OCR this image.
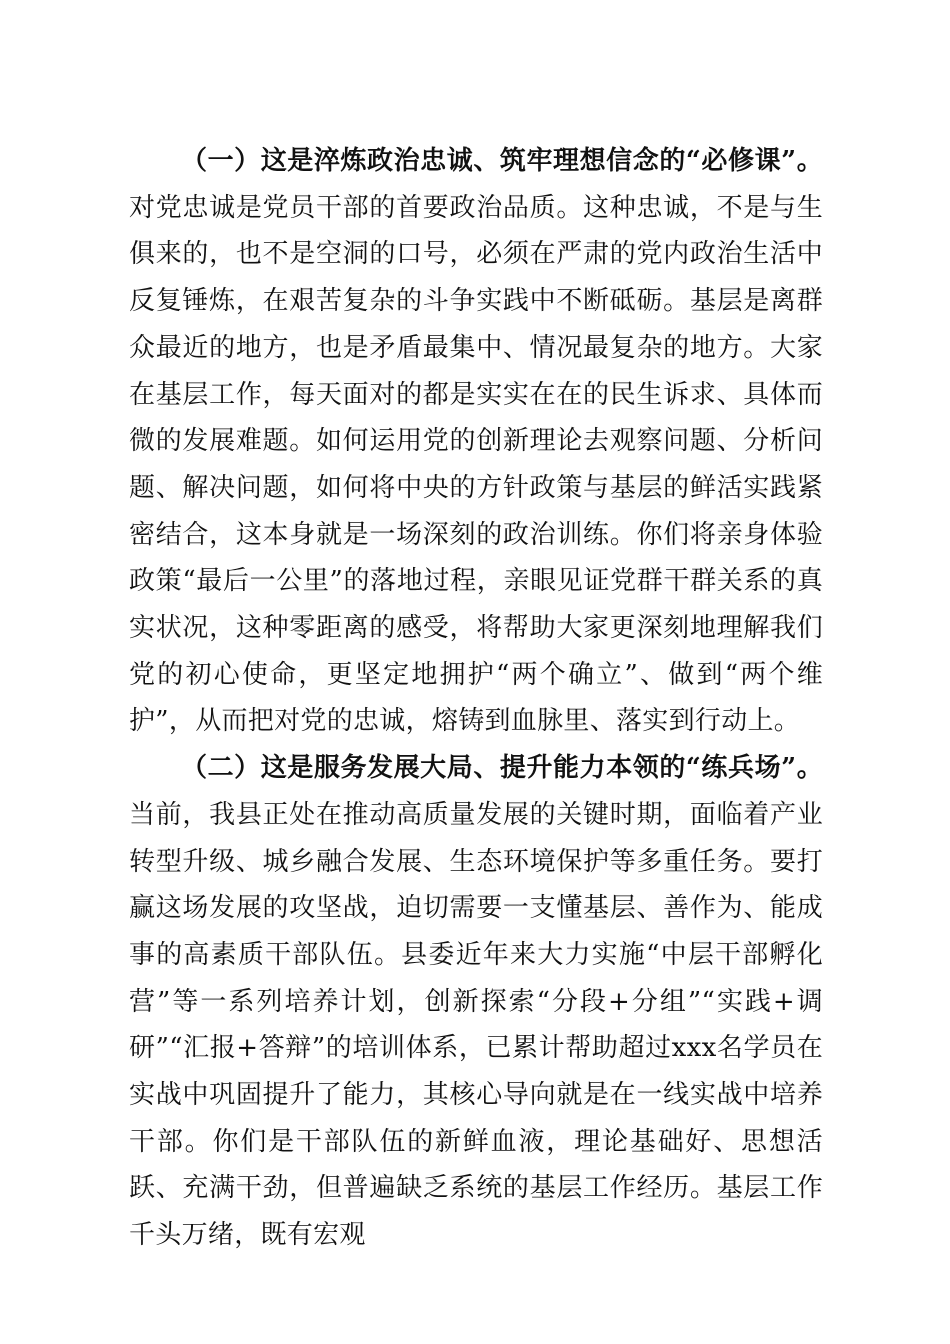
（一）这是淬炼政治忠诚、筑牢理想信念的“必修课”。对党忠诚是党员干部的首要政治品质。这种忠诚，不是与生俱来的，也不是空洞的口号，必须在严肃的党内政治生活中反复锤炼，在艰苦复杂的斗争实践中不断砥砺。基层是离群众最近的地方，也是矛盾最集中、情况最复杂的地方。大家在基层工作，每天面对的都是实实在在的民生诉求、具体而微的发展难题。如何运用党的创新理论去观察问题、分析问题、解决问题，如何将中央的方针政策与基层的鲜活实践紧密结合，这本身就是一场深刻的政治训练。你们将亲身体验政策“最后一公里”的落地过程，亲眼见证党群干群关系的真实状况，这种零距离的感受，将帮助大家更深刻地理解我们党的初心使命，更坚定地拥护“两个确立”、做到“两个维护”，从而把对党的忠诚，熔铸到血脉里、落实到行动上。

（二）这是服务发展大局、提升能力本领的“练兵场”。当前，我县正处在推动高质量发展的关键时期，面临着产业转型升级、城乡融合发展、生态环境保护等多重任务。要打赢这场发展的攻坚战，迫切需要一支懂基层、善作为、能成事的高素质干部队伍。县委近年来大力实施“中层干部孵化营”等一系列培养计划，创新探索“分段+分组”“实践+调研”“汇报+答辩”的培训体系，已累计帮助超过xxx名学员在实战中巩固提升了能力，其核心导向就是在一线实战中培养干部。你们是干部队伍的新鲜血液，理论基础好、思想活跃、充满干劲，但普遍缺乏系统的基层工作经历。基层工作千头万绪，既有宏观
